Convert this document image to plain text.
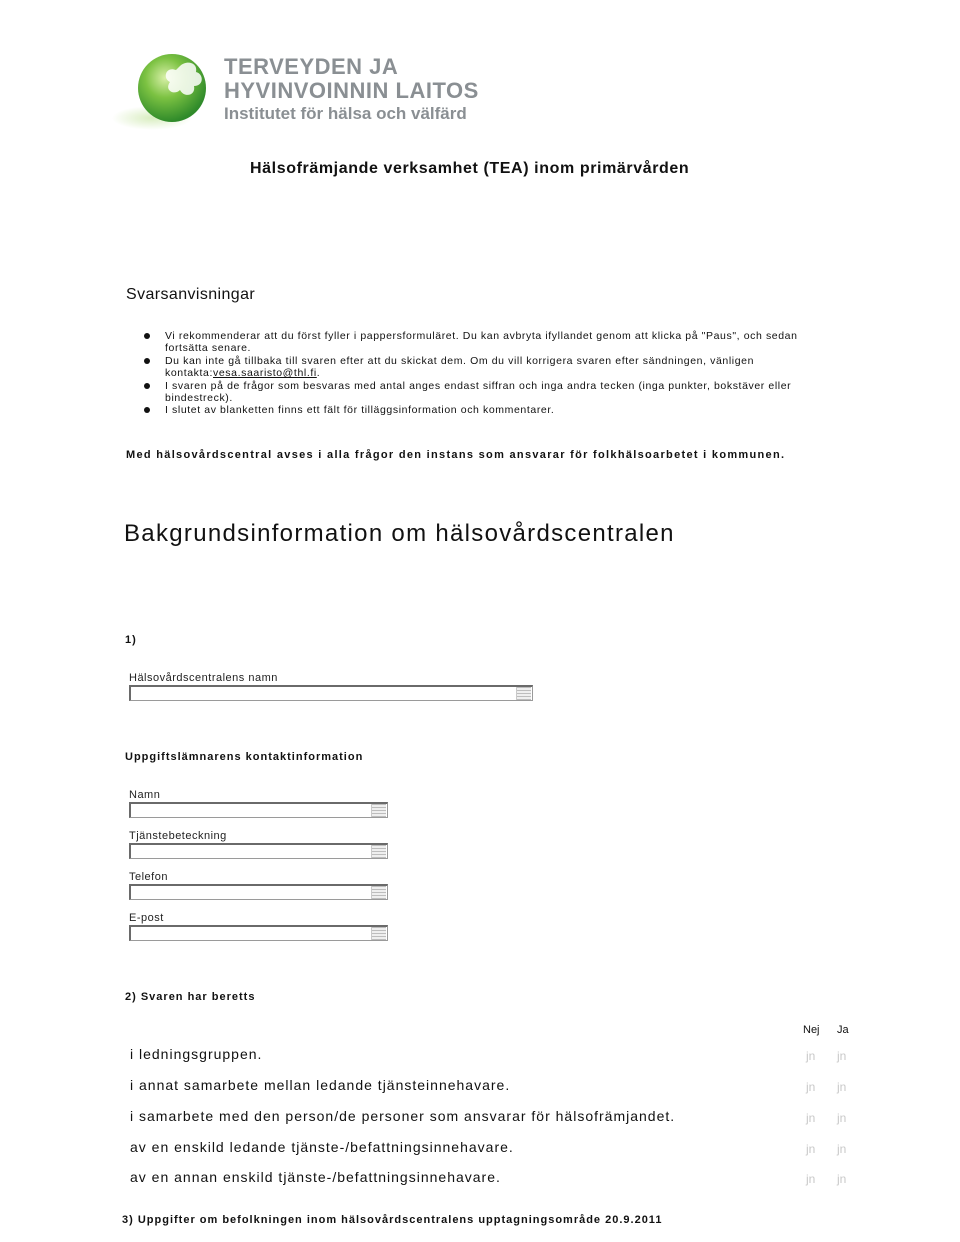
TERVEYDEN JA
HYVINVOINNIN LAITOS
Institutet för hälsa och välfärd
Hälsofrämjande verksamhet (TEA) inom primärvården
Svarsanvisningar
Vi rekommenderar att du först fyller i pappersformuläret. Du kan avbryta ifyllandet genom att klicka på "Paus", och sedan fortsätta senare.
Du kan inte gå tillbaka till svaren efter att du skickat dem. Om du vill korrigera svaren efter sändningen, vänligen kontakta:vesa.saaristo@thl.fi.
I svaren på de frågor som besvaras med antal anges endast siffran och inga andra tecken (inga punkter, bokstäver eller bindestreck).
I slutet av blanketten finns ett fält för tilläggsinformation och kommentarer.
Med hälsovårdscentral avses i alla frågor den instans som ansvarar för folkhälsoarbetet i kommunen.
Bakgrundsinformation om hälsovårdscentralen
1)
Hälsovårdscentralens namn
Uppgiftslämnarens kontaktinformation
Namn
Tjänstebeteckning
Telefon
E-post
2) Svaren har beretts
Nej Ja
i ledningsgruppen.	jn jn
i annat samarbete mellan ledande tjänsteinnehavare.	jn jn
i samarbete med den person/de personer som ansvarar för hälsofrämjandet.	jn jn
av en enskild ledande tjänste-/befattningsinnehavare.	jn jn
av en annan enskild tjänste-/befattningsinnehavare.	jn jn
3) Uppgifter om befolkningen inom hälsovårdscentralens upptagningsområde 20.9.2011
